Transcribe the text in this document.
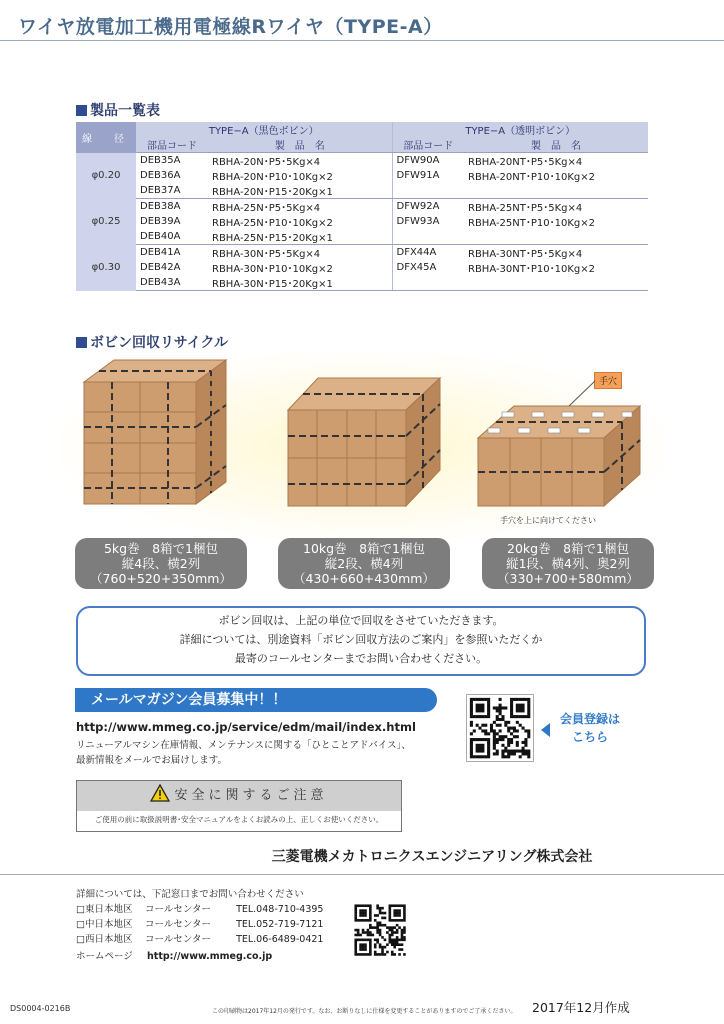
ワイヤ放電加工機用電極線Rワイヤ（TYPE-A）
製品一覧表
線　径	TYPE−A（黒色ボビン）		TYPE−A（透明ボビン）	
	部品コード	製　品　名	部品コード	製　品　名
φ0.20	DEB35A	RBHA-20N･P5･5Kg×4	DFW90A	RBHA-20NT･P5･5Kg×4
	DEB36A	RBHA-20N･P10･10Kg×2	DFW91A	RBHA-20NT･P10･10Kg×2
	DEB37A	RBHA-20N･P15･20Kg×1		
φ0.25	DEB38A	RBHA-25N･P5･5Kg×4	DFW92A	RBHA-25NT･P5･5Kg×4
	DEB39A	RBHA-25N･P10･10Kg×2	DFW93A	RBHA-25NT･P10･10Kg×2
	DEB40A	RBHA-25N･P15･20Kg×1		
φ0.30	DEB41A	RBHA-30N･P5･5Kg×4	DFX44A	RBHA-30NT･P5･5Kg×4
	DEB42A	RBHA-30N･P10･10Kg×2	DFX45A	RBHA-30NT･P10･10Kg×2
	DEB43A	RBHA-30N･P15･20Kg×1		
ボビン回収リサイクル
手穴
手穴を上に向けてください
5kg巻　8箱で1梱包
縦4段、横2列
（760+520+350mm）
10kg巻　8箱で1梱包
縦2段、横4列
（430+660+430mm）
20kg巻　8箱で1梱包
縦1段、横4列、奥2列
（330+700+580mm）
ボビン回収は、上記の単位で回収をさせていただきます。
詳細については、別途資料「ボビン回収方法のご案内」を参照いただくか
最寄のコールセンターまでお問い合わせください。
メールマガジン会員募集中！！
http://www.mmeg.co.jp/service/edm/mail/index.html
リニューアルマシン在庫情報、メンテナンスに関する「ひとことアドバイス」、
最新情報をメールでお届けします。
会員登録は
こちら
安全に関するご注意
ご使用の前に取扱説明書･安全マニュアルをよくお読みの上、正しくお使いください。
三菱電機メカトロニクスエンジニアリング株式会社
詳細については、下記窓口までお問い合わせください
□東日本地区 コールセンター	TEL.048-710-4395
□中日本地区 コールセンター	TEL.052-719-7121
□西日本地区 コールセンター	TEL.06-6489-0421
ホームページ http://www.mmeg.co.jp
DS0004-0216B	この印刷物は2017年12月の発行です。なお、お断りなしに仕様を変更することがありますのでご了承ください。 2017年12月作成
